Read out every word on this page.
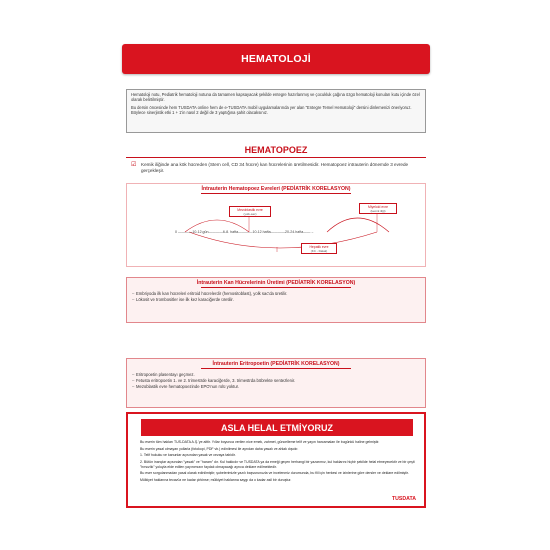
HEMATOLOJİ

Hematoloji notu, Pediatrik hematoloji notuna da tamamen kapsayacak şekilde entegre hazırlanmış ve çocukluk çağına özgü hematoloji konuları kutu içinde özel olarak belirtilmiştir.

Bu dersin öncesinde hem TUSDATA online hem de e-TUSDATA mobil uygulamalarında yer alan "Entegre Temel Hematoloji" dersini dinlemenizi öneriyoruz. Böylece sinerjistik etki 1 + 1'in nasıl 2 değil de 3 yaptığına şahit olacaksınız.

HEMATOPOEZ
☑ Kemik iliğinde ana kök hücreden (Stem cell, CD 34 hücre) kan hücrelerinin üretilmesidir. Hematopoez intrauterin dönemde 3 evrede gerçekleşir.
İntrauterin Hematopoez Evreleri (PEDİATRİK KORELASYON)
Mezoblastik evre
(yolk-sac)
Miyeloid evre
(kemik iliği)
0 ————10-12.gün————6-8. hafta————10-12.hafta————20-24.hafta——→
Hepatik evre
(KC - Dalak)
İntrauterin Kan Hücrelerinin Üretimi (PEDİATRİK KORELASYON)
– Embriyoda ilk kan hücreleri eritroid hücrelerdir (hemositoblast), yolk sac'da üretilir.
– Lökosit ve trombositler ise ilk kez karaciğerde üretilir.
İntrauterin Eritropoetin (PEDİATRİK KORELASYON)
– Eritropoetin plasentayı geçmez.
– Fetusta eritropoetin 1. ve 2. trimestrde karaciğerde, 3. trimestrda böbrekte sentezlenir.
– Mezoblastik evre hematopoezinde EPO'nun rolü yoktur.
ASLA HELAL ETMİYORUZ

Bu eserin tüm hakları TUS-DATA A.Ş.'ye aittir. Yıllar boyunca verilen nice emek, zahmet, güncelleme telif ve yayın harcamaları ile bugünkü haline gelmiştir.

Bu eserin yasal olmayan yollarla (fotokopi, PDF vb.) edinilmesi ile ayrıdan daha yasalı ve ahlak dışıdır.

1. Telif hukuku ve kanunlar açısından yasak ve cezaya tabidir.

2. Bütün inançlar açısından "yasak" ve "haram" dır. Kul hakkıdır ve TUSDATA ya da emeği geçen herhangi bir yazarımız, kul haklarını hiçbir şekilde helal etmeyecektir ve bir çeşit "hırsızlık" yoluyla elde edilen yayınımızın faydalı olmayacağı ayrıca deklare edilmektedir.

Bu eser sorgulanmadan yasal olarak edinilmiştir; şubelerimizle yazılı başvurunuzla ve incelenmiz durumunda, bu fiil için herkesi ve izinlerine göre dersler ve deklare edilmiştir.

Mülkiyet haklarına tecavüz ne kadar çirkinse; mülkiyet haklarına saygı da o kadar asil bir duruştur.

TUSDATA
